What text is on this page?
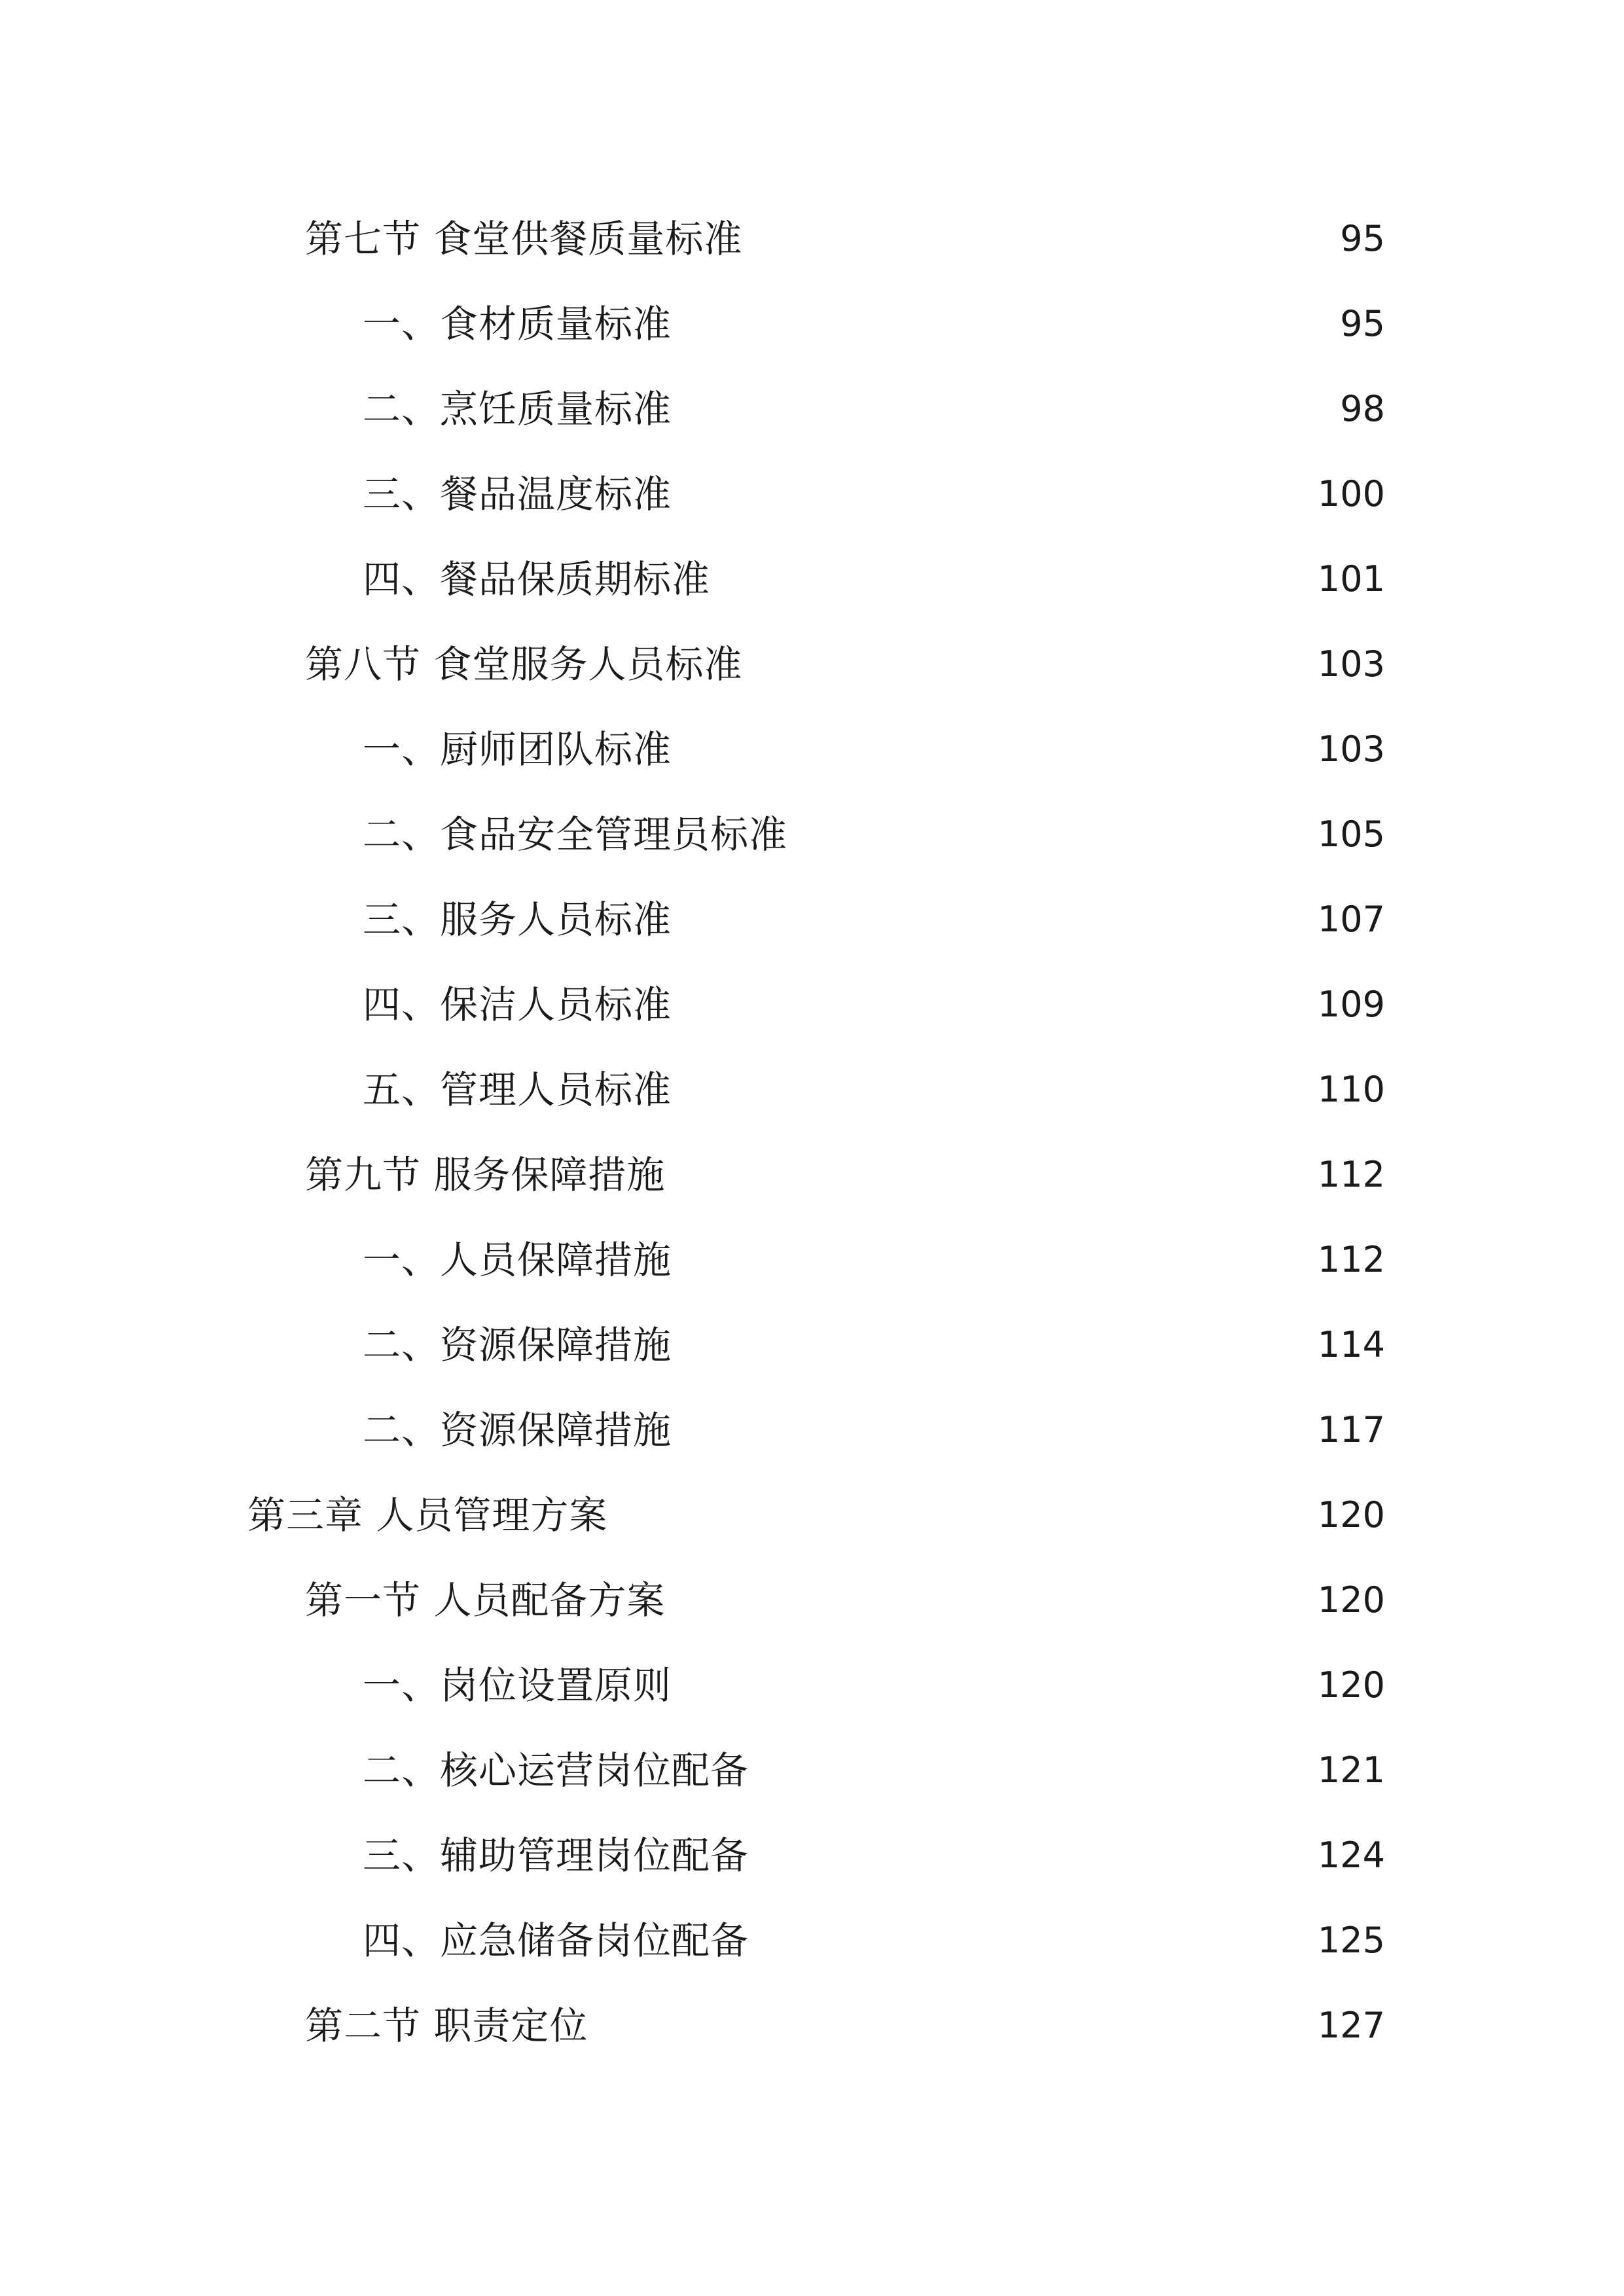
第七节 食堂供餐质量标准	95
一、食材质量标准	95
二、烹饪质量标准	98
三、餐品温度标准	100
四、餐品保质期标准	101
第八节 食堂服务人员标准	103
一、厨师团队标准	103
二、食品安全管理员标准	105
三、服务人员标准	107
四、保洁人员标准	109
五、管理人员标准	110
第九节 服务保障措施	112
一、人员保障措施	112
二、资源保障措施	114
二、资源保障措施	117
第三章 人员管理方案	120
第一节 人员配备方案	120
一、岗位设置原则	120
二、核心运营岗位配备	121
三、辅助管理岗位配备	124
四、应急储备岗位配备	125
第二节 职责定位	127
